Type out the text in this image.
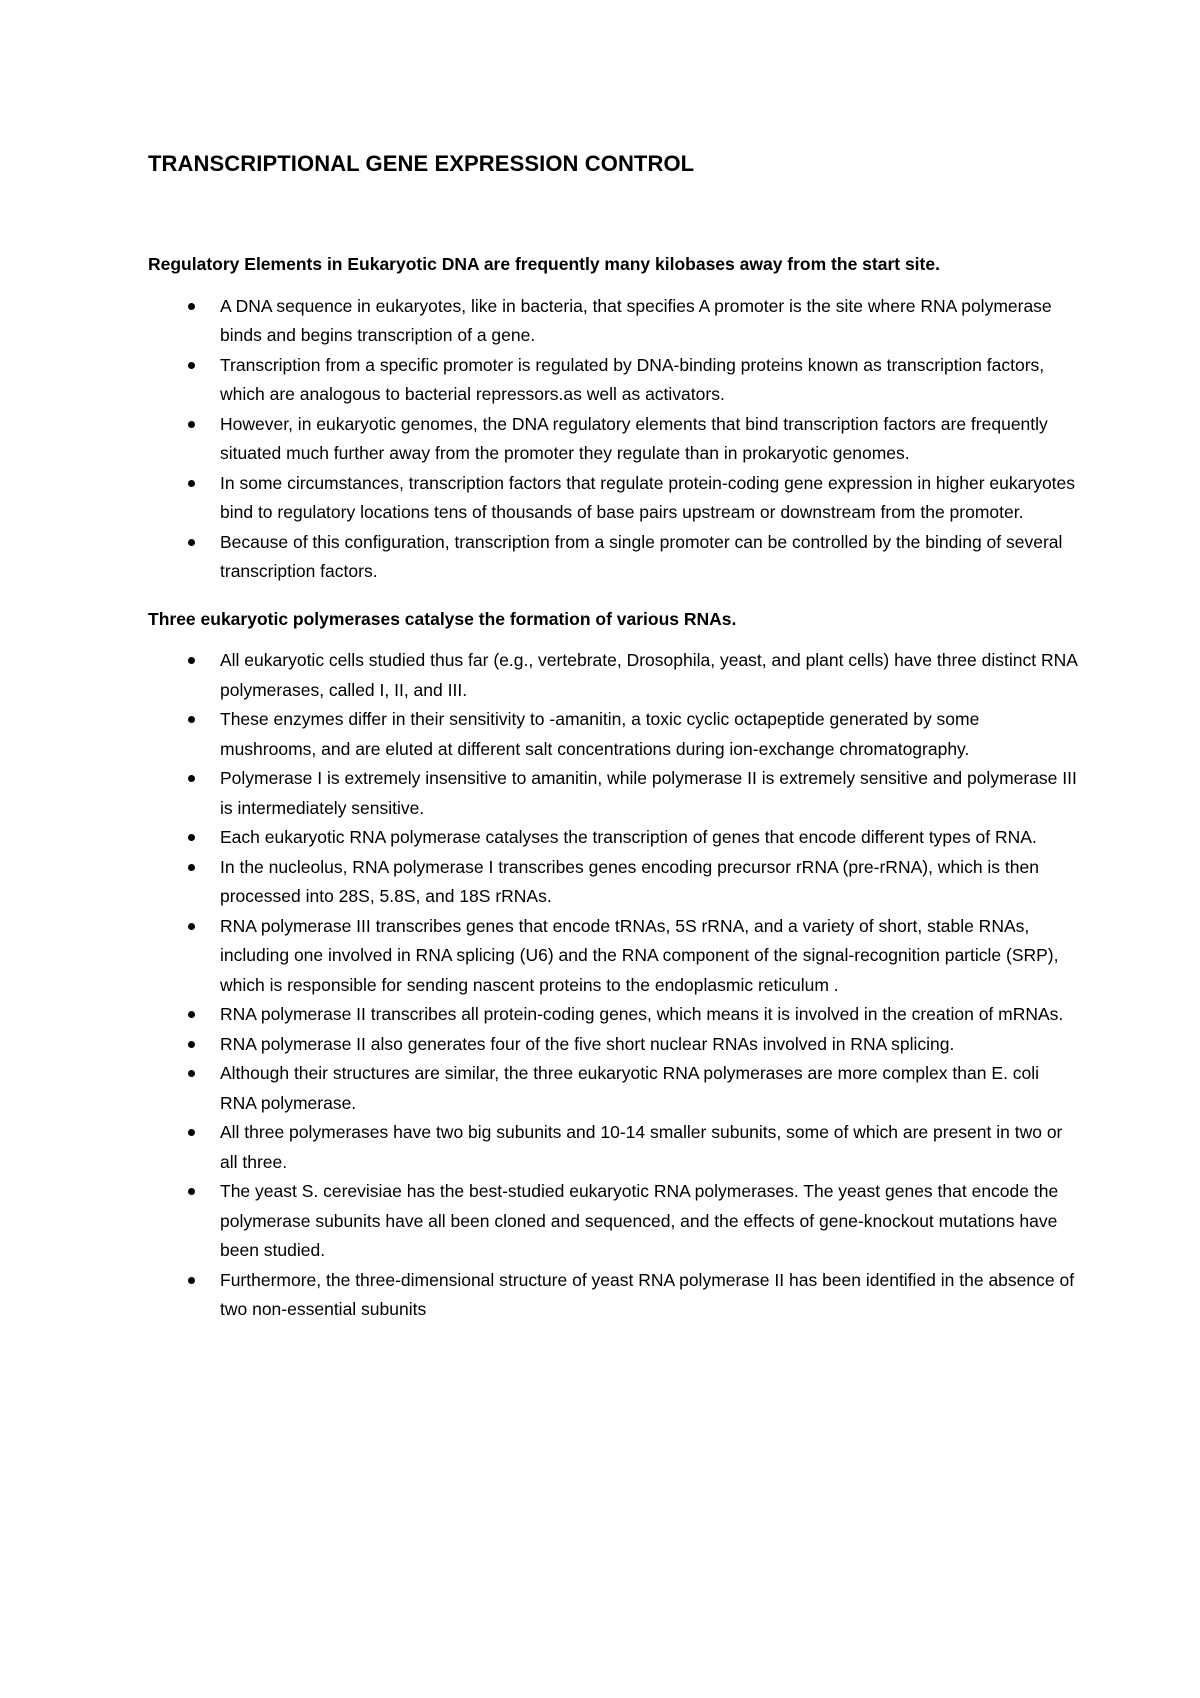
TRANSCRIPTIONAL GENE EXPRESSION CONTROL
Regulatory Elements in Eukaryotic DNA are frequently many kilobases away from the start site.
A DNA sequence in eukaryotes, like in bacteria, that specifies A promoter is the site where RNA polymerase binds and begins transcription of a gene.
Transcription from a specific promoter is regulated by DNA-binding proteins known as transcription factors, which are analogous to bacterial repressors.as well as activators.
However, in eukaryotic genomes, the DNA regulatory elements that bind transcription factors are frequently situated much further away from the promoter they regulate than in prokaryotic genomes.
In some circumstances, transcription factors that regulate protein-coding gene expression in higher eukaryotes bind to regulatory locations tens of thousands of base pairs upstream or downstream from the promoter.
Because of this configuration, transcription from a single promoter can be controlled by the binding of several transcription factors.
Three eukaryotic polymerases catalyse the formation of various RNAs.
All eukaryotic cells studied thus far (e.g., vertebrate, Drosophila, yeast, and plant cells) have three distinct RNA polymerases, called I, II, and III.
These enzymes differ in their sensitivity to -amanitin, a toxic cyclic octapeptide generated by some mushrooms, and are eluted at different salt concentrations during ion-exchange chromatography.
Polymerase I is extremely insensitive to amanitin, while polymerase II is extremely sensitive and polymerase III is intermediately sensitive.
Each eukaryotic RNA polymerase catalyses the transcription of genes that encode different types of RNA.
In the nucleolus, RNA polymerase I transcribes genes encoding precursor rRNA (pre-rRNA), which is then processed into 28S, 5.8S, and 18S rRNAs.
RNA polymerase III transcribes genes that encode tRNAs, 5S rRNA, and a variety of short, stable RNAs, including one involved in RNA splicing (U6) and the RNA component of the signal-recognition particle (SRP), which is responsible for sending nascent proteins to the endoplasmic reticulum .
RNA polymerase II transcribes all protein-coding genes, which means it is involved in the creation of mRNAs.
RNA polymerase II also generates four of the five short nuclear RNAs involved in RNA splicing.
Although their structures are similar, the three eukaryotic RNA polymerases are more complex than E. coli RNA polymerase.
All three polymerases have two big subunits and 10-14 smaller subunits, some of which are present in two or all three.
The yeast S. cerevisiae has the best-studied eukaryotic RNA polymerases. The yeast genes that encode the polymerase subunits have all been cloned and sequenced, and the effects of gene-knockout mutations have been studied.
Furthermore, the three-dimensional structure of yeast RNA polymerase II has been identified in the absence of two non-essential subunits
